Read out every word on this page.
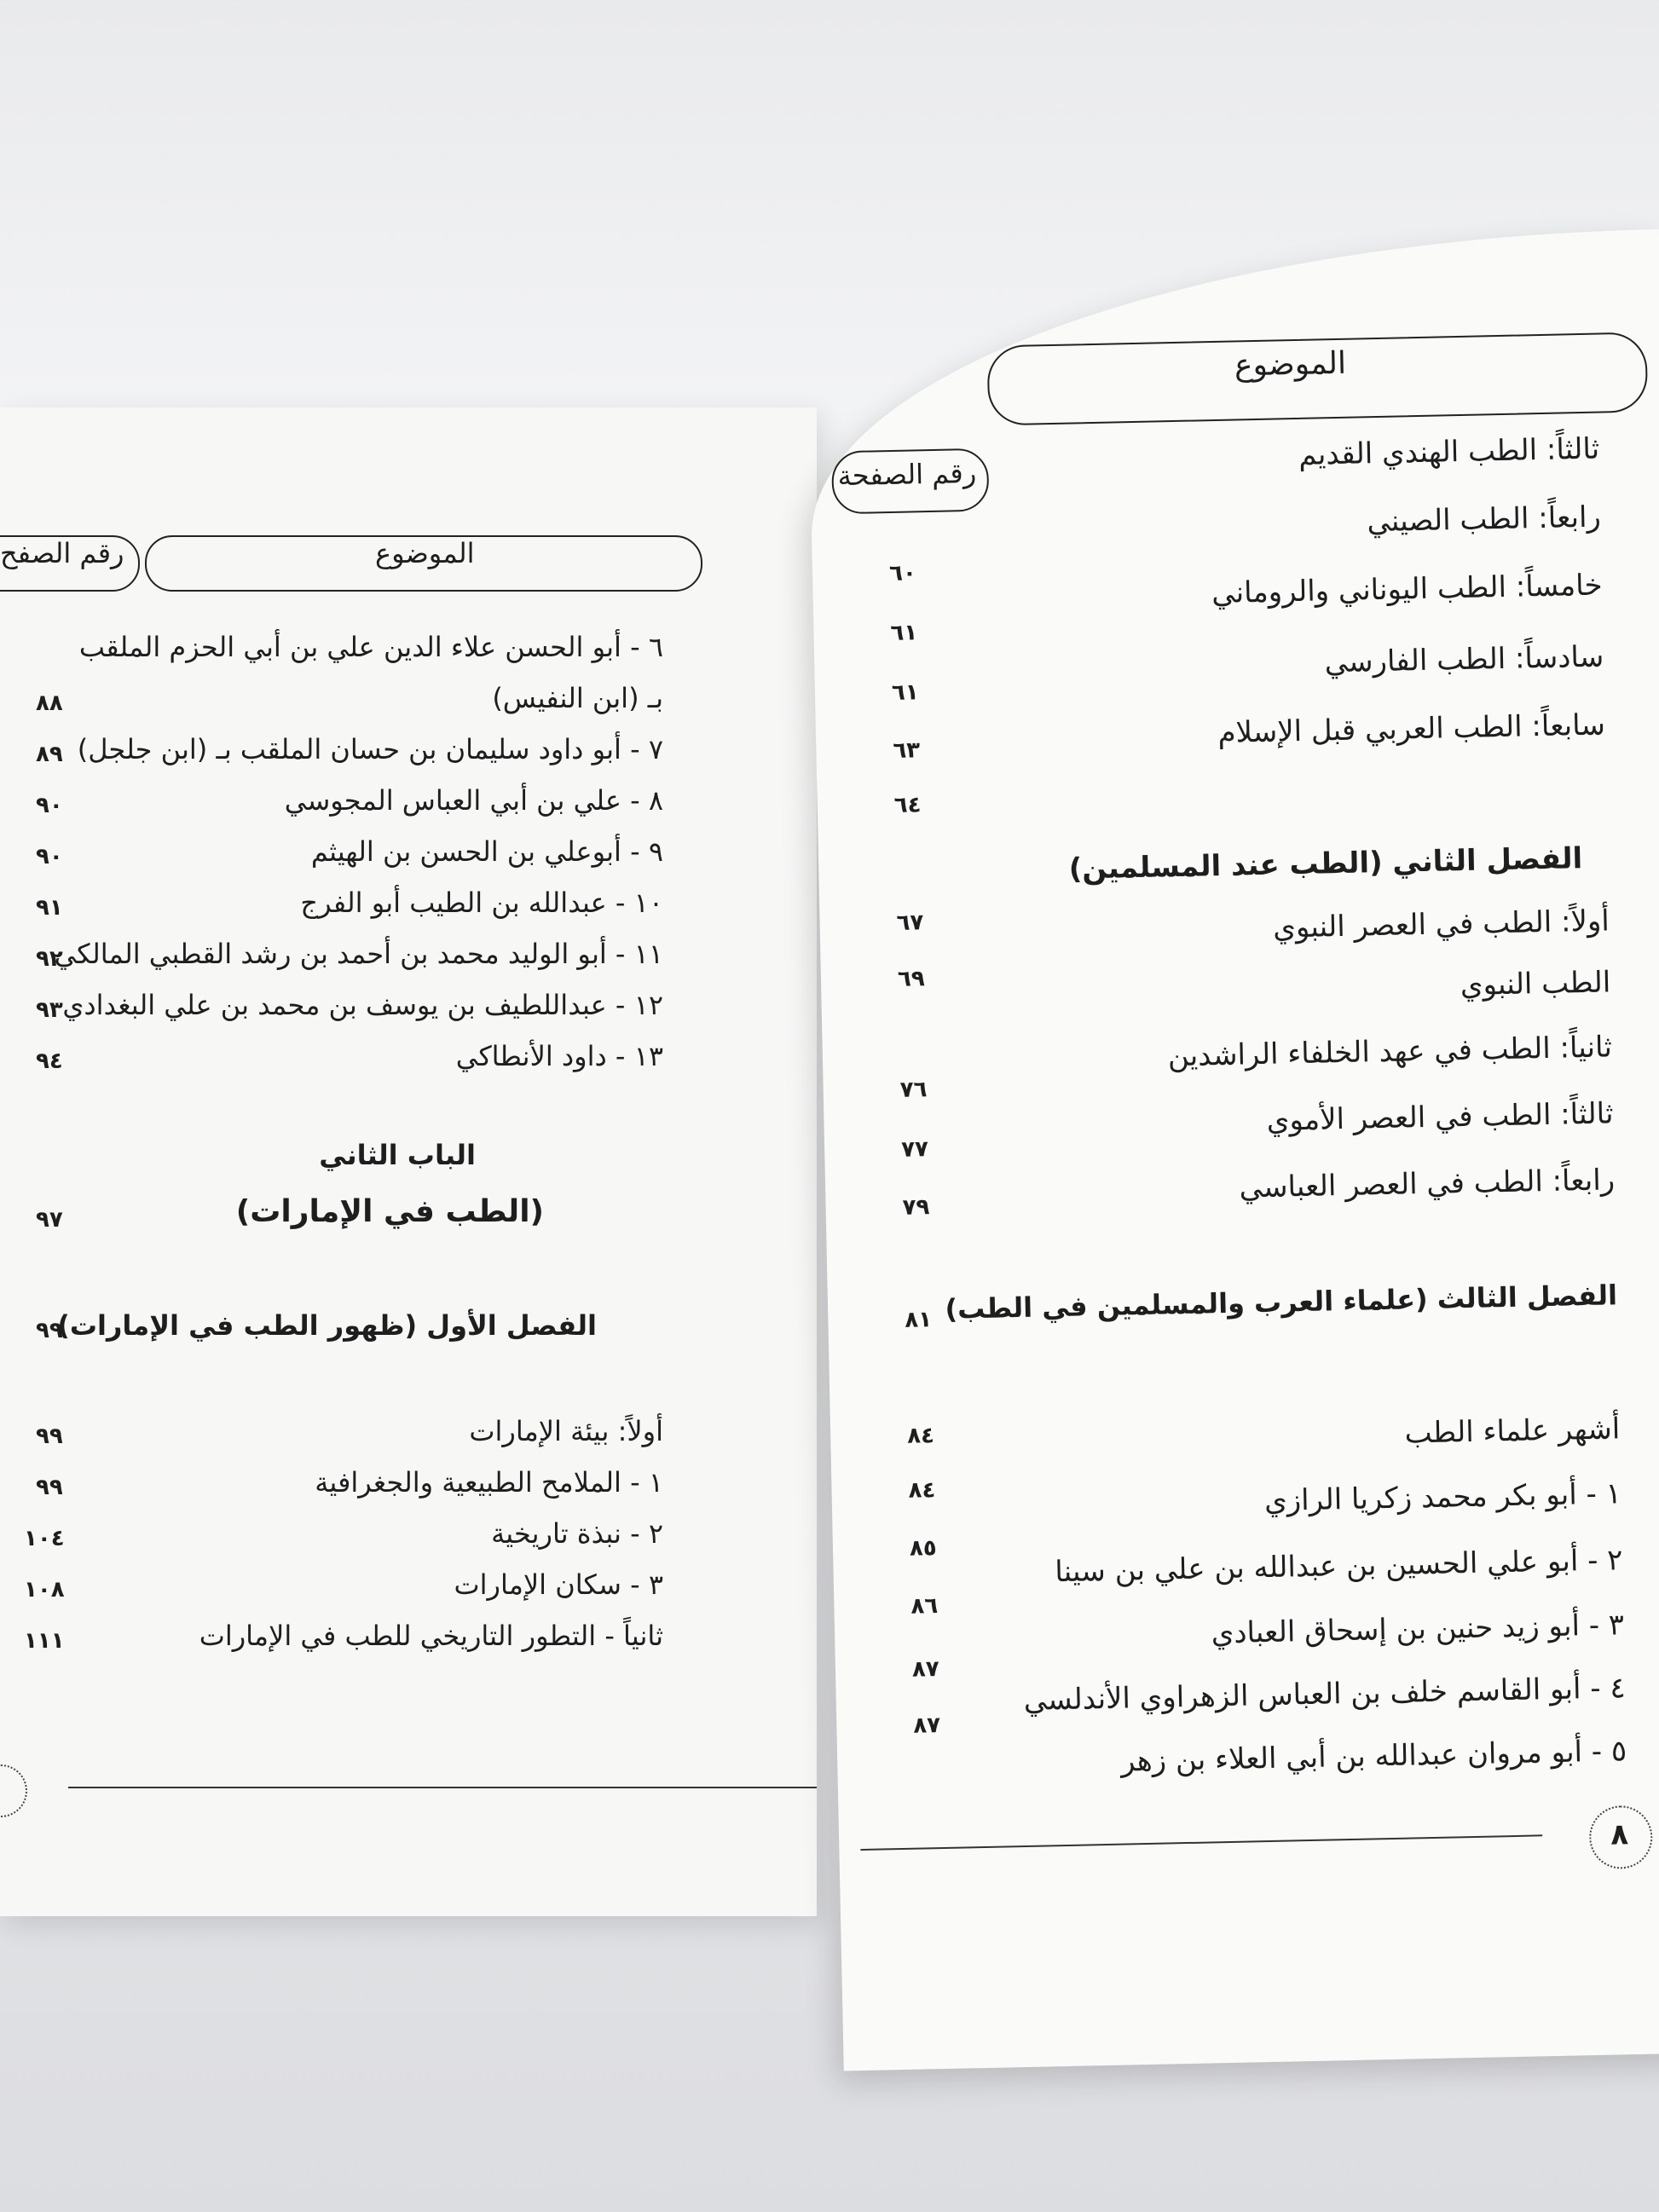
الموضوع
رقم الصفح
٦ - أبو الحسن علاء الدين علي بن أبي الحزم الملقب
بـ (ابن النفيس)
٨٨
٧ - أبو داود سليمان بن حسان الملقب بـ (ابن جلجل)
٨٩
٨ - علي بن أبي العباس المجوسي
٩٠
٩ - أبوعلي بن الحسن بن الهيثم
٩٠
١٠ - عبدالله بن الطيب أبو الفرج
٩١
١١ - أبو الوليد محمد بن أحمد بن رشد القطبي المالكي
٩٢
١٢ - عبداللطيف بن يوسف بن محمد بن علي البغدادي
٩٣
١٣ - داود الأنطاكي
٩٤
الباب الثاني
(الطب في الإمارات)
٩٧
الفصل الأول (ظهور الطب في الإمارات)
٩٩
أولاً: بيئة الإمارات
٩٩
١ - الملامح الطبيعية والجغرافية
٩٩
٢ - نبذة تاريخية
١٠٤
٣ - سكان الإمارات
١٠٨
ثانياً - التطور التاريخي للطب في الإمارات
١١١
الموضوع
رقم الصفحة
ثالثاً: الطب الهندي القديم
رابعاً: الطب الصيني
٦٠	خامساً: الطب اليوناني والروماني
٦١
سادساً: الطب الفارسي
٦١
سابعاً: الطب العربي قبل الإسلام
٦٣
٦٤
الفصل الثاني (الطب عند المسلمين)
أولاً: الطب في العصر النبوي
٦٧
الطب النبوي
٦٩
ثانياً: الطب في عهد الخلفاء الراشدين
٧٦
ثالثاً: الطب في العصر الأموي
٧٧
رابعاً: الطب في العصر العباسي
٧٩
الفصل الثالث (علماء العرب والمسلمين في الطب)
٨١
أشهر علماء الطب
٨٤
١ - أبو بكر محمد زكريا الرازي
٨٤
٢ - أبو علي الحسين بن عبدالله بن علي بن سينا
٨٥
٣ - أبو زيد حنين بن إسحاق العبادي
٨٦
٤ - أبو القاسم خلف بن العباس الزهراوي الأندلسي
٨٧
٥ - أبو مروان عبدالله بن أبي العلاء بن زهر
٨٧
٨
